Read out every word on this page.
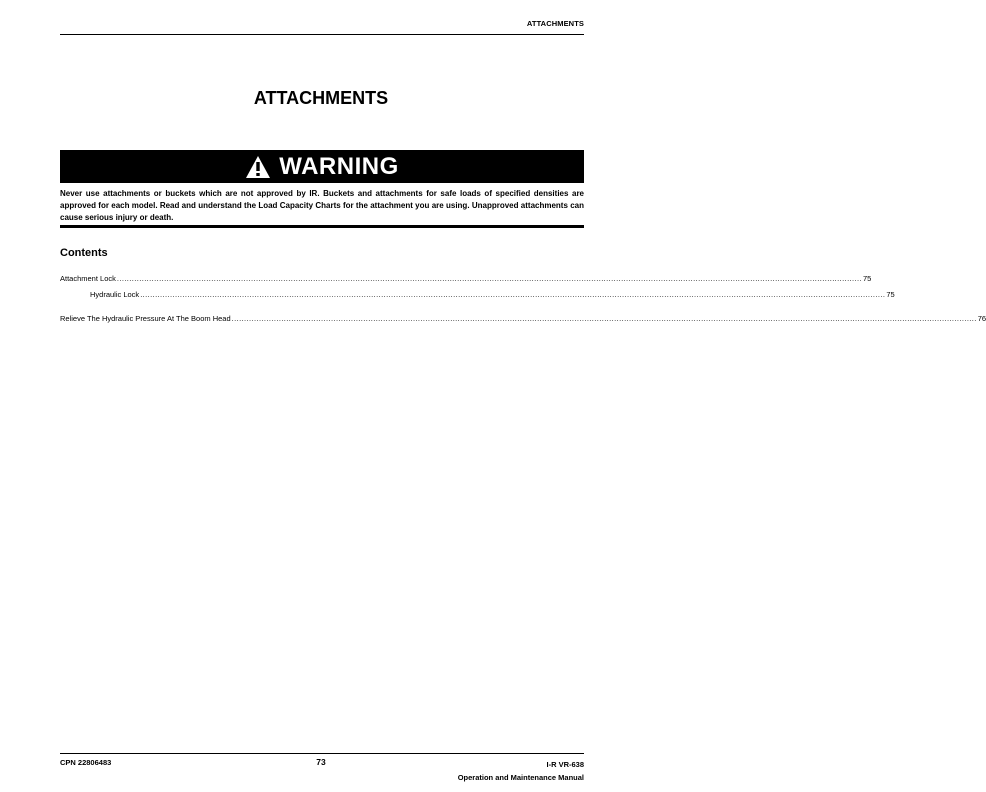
ATTACHMENTS
ATTACHMENTS
WARNING
Never use attachments or buckets which are not approved by IR. Buckets and attachments for safe loads of specified densities are approved for each model. Read and understand the Load Capacity Charts for the attachment you are using. Unapproved attachments can cause serious injury or death.
Contents
Attachment Lock ............................................................................................................................................................................................................................................................................................................ 75
Hydraulic Lock ............................................................................................................................................................................................................................................................................................................ 75
Relieve The Hydraulic Pressure At The Boom Head ............................................................................................................................................................................................................................................................................................................ 76
CPN 22806483	73	I-R VR-638
Operation and Maintenance Manual
